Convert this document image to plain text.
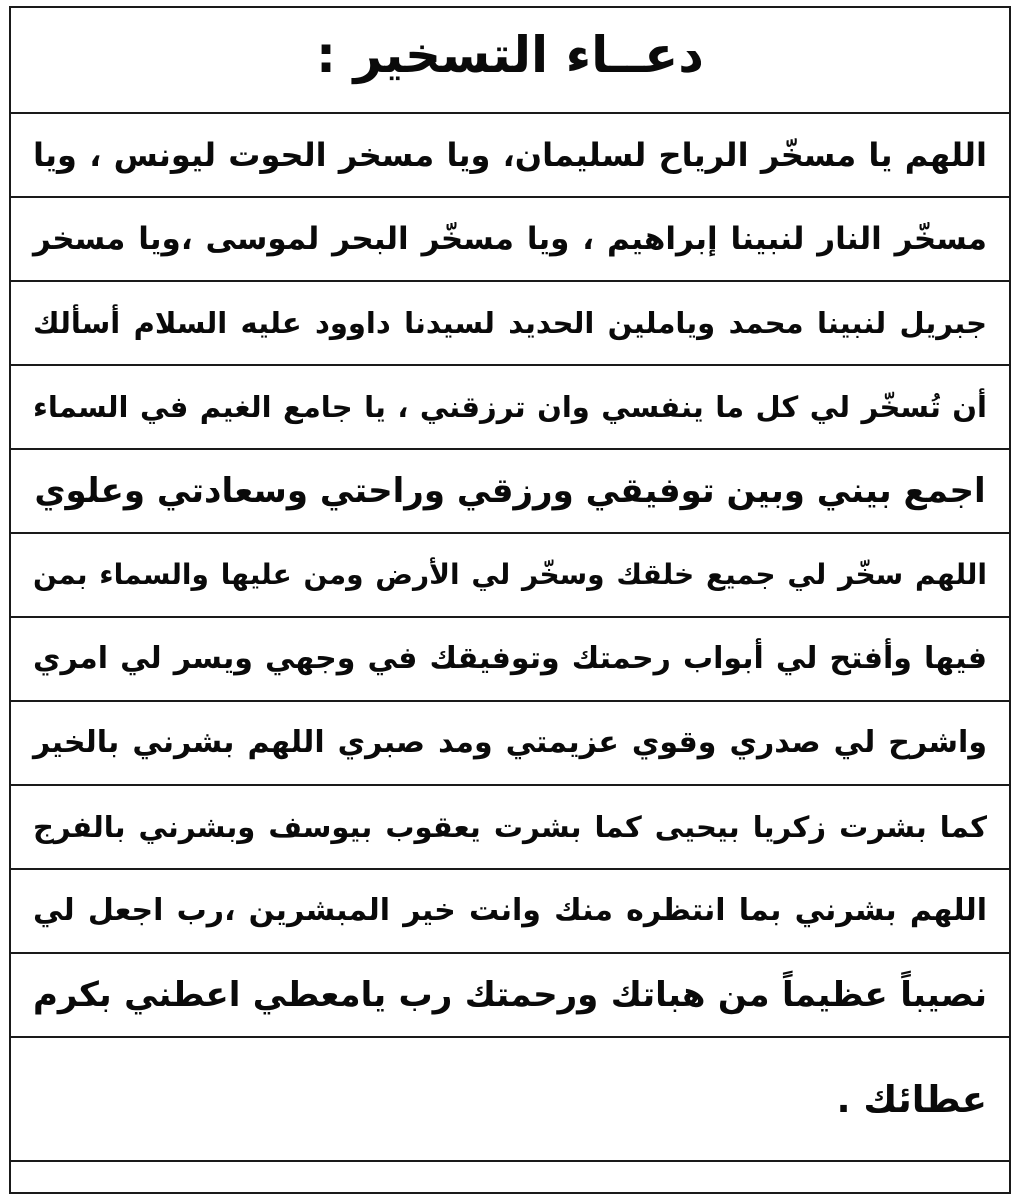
دعــاء التسخير :
اللهم يا مسخّر الرياح لسليمان، ويا مسخر الحوت ليونس ، ويا
مسخّر النار لنبينا إبراهيم ، ويا مسخّر البحر لموسى ،ويا مسخر
جبريل لنبينا محمد وياملين الحديد لسيدنا داوود عليه السلام أسألك
أن تُسخّر لي كل ما ينفسي وان ترزقني ، يا جامع الغيم في السماء
اجمع بيني وبين توفيقي ورزقي وراحتي وسعادتي وعلوي
اللهم سخّر لي جميع خلقك وسخّر لي الأرض ومن عليها والسماء بمن
فيها وأفتح لي أبواب رحمتك وتوفيقك في وجهي ويسر لي امري
واشرح لي صدري وقوي عزيمتي ومد صبري اللهم بشرني بالخير
كما بشرت زكريا بيحيى كما بشرت يعقوب بيوسف وبشرني بالفرج
اللهم بشرني بما انتظره منك وانت خير المبشرين ،رب اجعل لي
نصيباً عظيماً من هباتك ورحمتك رب يامعطي اعطني بكرم
عطائك .
